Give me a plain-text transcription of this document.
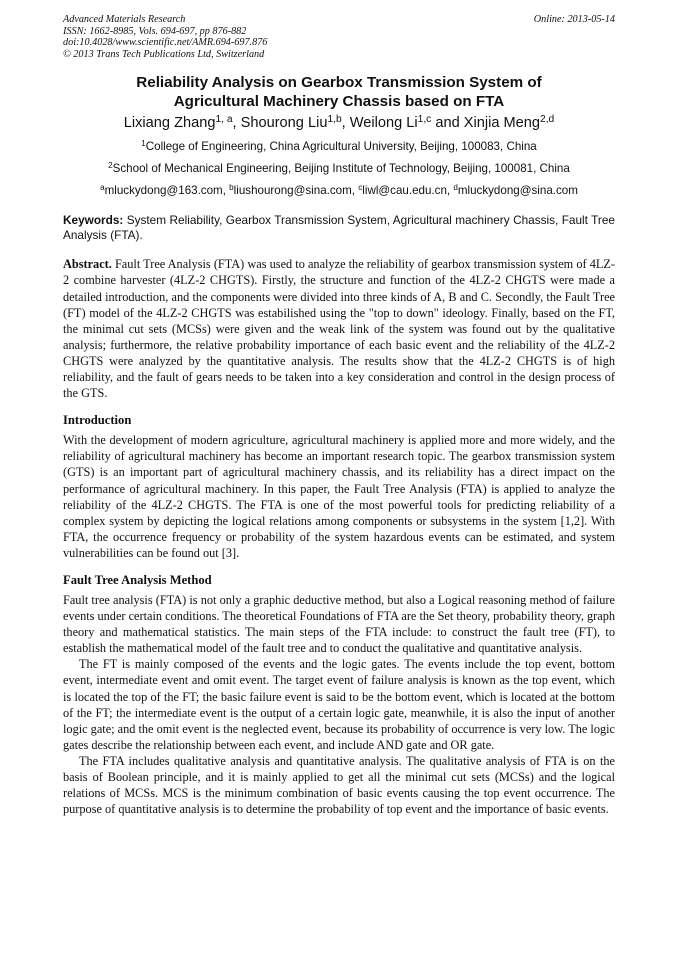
Advanced Materials Research
ISSN: 1662-8985, Vols. 694-697, pp 876-882
doi:10.4028/www.scientific.net/AMR.694-697.876
© 2013 Trans Tech Publications Ltd, Switzerland
Online: 2013-05-14
Reliability Analysis on Gearbox Transmission System of
Agricultural Machinery Chassis based on FTA
Lixiang Zhang$^{1, a}$, Shourong Liu$^{1,b}$, Weilong Li$^{1,c}$ and Xinjia Meng$^{2,d}$
$^1$College of Engineering, China Agricultural University, Beijing, 100083, China
$^2$School of Mechanical Engineering, Beijing Institute of Technology, Beijing, 100081, China
$^a$mluckydong@163.com, $^b$liushourong@sina.com, $^c$liwl@cau.edu.cn, $^d$mluckydong@sina.com
Keywords: System Reliability, Gearbox Transmission System, Agricultural machinery Chassis, Fault Tree Analysis (FTA).
Abstract. Fault Tree Analysis (FTA) was used to analyze the reliability of gearbox transmission system of 4LZ-2 combine harvester (4LZ-2 CHGTS). Firstly, the structure and function of the 4LZ-2 CHGTS were made a detailed introduction, and the components were divided into three kinds of A, B and C. Secondly, the Fault Tree (FT) model of the 4LZ-2 CHGTS was estabilished using the "top to down" ideology. Finally, based on the FT, the minimal cut sets (MCSs) were given and the weak link of the system was found out by the qualitative analysis; furthermore, the relative probability importance of each basic event and the reliability of the 4LZ-2 CHGTS were analyzed by the quantitative analysis. The results show that the 4LZ-2 CHGTS is of high reliability, and the fault of gears needs to be taken into a key consideration and control in the design process of the GTS.
Introduction

With the development of modern agriculture, agricultural machinery is applied more and more widely, and the reliability of agricultural machinery has become an important research topic. The gearbox transmission system (GTS) is an important part of agricultural machinery chassis, and its reliability has a direct impact on the performance of agricultural machinery. In this paper, the Fault Tree Analysis (FTA) is applied to analyze the reliability of the 4LZ-2 CHGTS. The FTA is one of the most powerful tools for predicting reliability of a complex system by depicting the logical relations among components or subsystems in the system [1,2]. With FTA, the occurrence frequency or probability of the system hazardous events can be estimated, and system vulnerabilities can be found out [3].

Fault Tree Analysis Method

Fault tree analysis (FTA) is not only a graphic deductive method, but also a Logical reasoning method of failure events under certain conditions. The theoretical Foundations of FTA are the Set theory, probability theory, graph theory and mathematical statistics. The main steps of the FTA include: to construct the fault tree (FT), to establish the mathematical model of the fault tree and to conduct the qualitative and quantitative analysis.

The FT is mainly composed of the events and the logic gates. The events include the top event, bottom event, intermediate event and omit event. The target event of failure analysis is known as the top event, which is located the top of the FT; the basic failure event is said to be the bottom event, which is located at the bottom of the FT; the intermediate event is the output of a certain logic gate, meanwhile, it is also the input of another logic gate; and the omit event is the neglected event, because its probability of occurrence is very low. The logic gates describe the relationship between each event, and include AND gate and OR gate.

The FTA includes qualitative analysis and quantitative analysis. The qualitative analysis of FTA is on the basis of Boolean principle, and it is mainly applied to get all the minimal cut sets (MCSs) and the logical relations of MCSs. MCS is the minimum combination of basic events causing the top event occurrence. The purpose of quantitative analysis is to determine the probability of top event and the importance of basic events.
